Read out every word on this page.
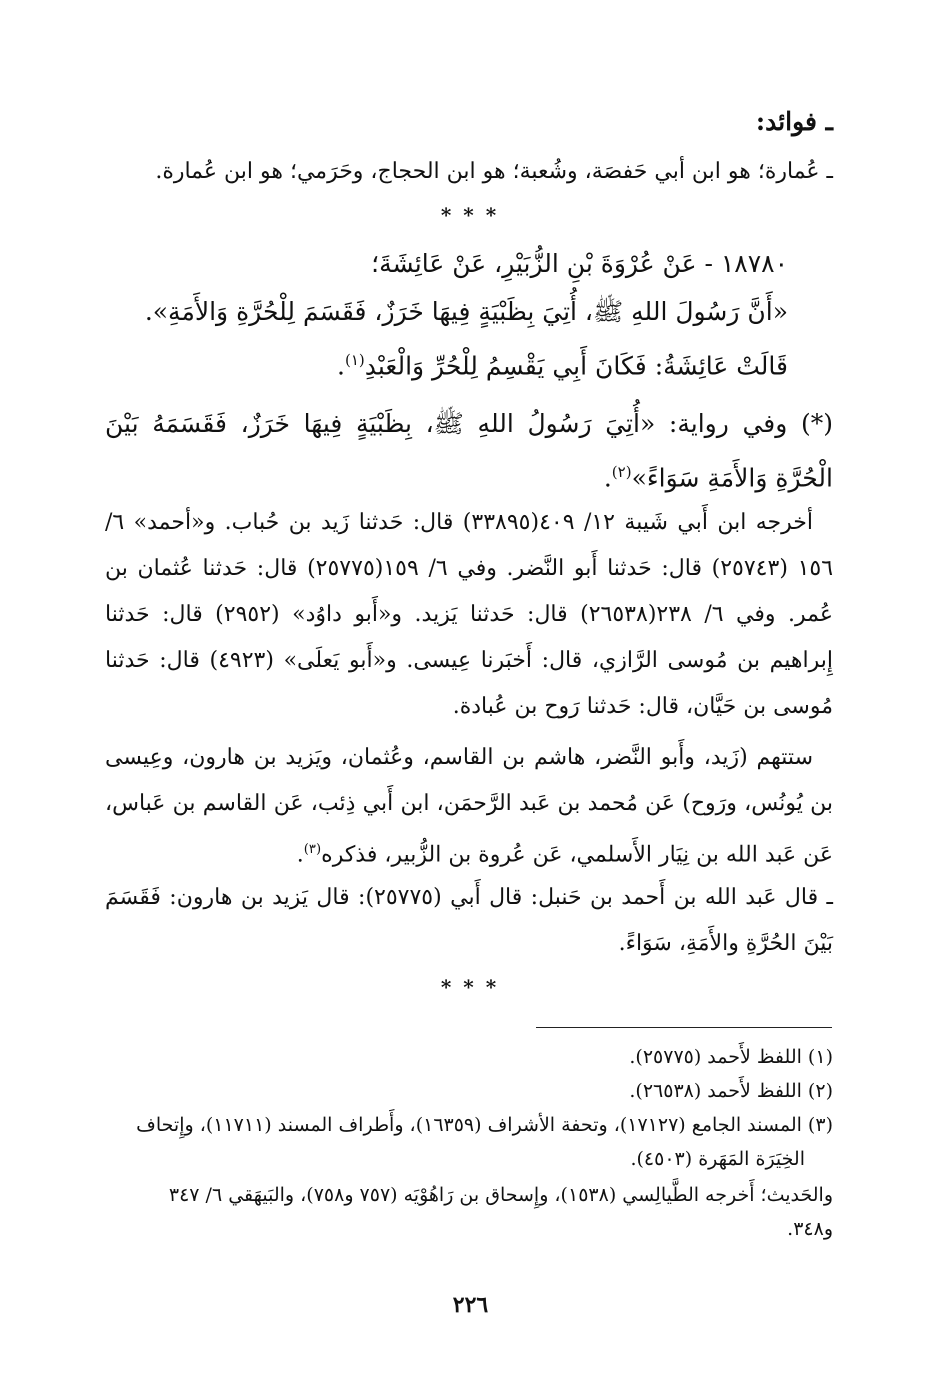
ـ فوائد:
ـ عُمارة؛ هو ابن أبي حَفصَة، وشُعبة؛ هو ابن الحجاج، وحَرَمي؛ هو ابن عُمارة.
* * *
١٨٧٨٠ - عَنْ عُرْوَةَ بْنِ الزُّبَيْرِ، عَنْ عَائِشَةَ؛
«أَنَّ رَسُولَ اللهِ ﷺ، أُتِيَ بِظَبْيَةٍ فِيهَا خَرَزٌ، فَقَسَمَ لِلْحُرَّةِ وَالأَمَةِ».
قَالَتْ عَائِشَةُ: فَكَانَ أَبِي يَقْسِمُ لِلْحُرِّ وَالْعَبْدِ$^{(١)}$.
(*) وفي رواية: «أُتِيَ رَسُولُ اللهِ ﷺ، بِظَبْيَةٍ فِيهَا خَرَزٌ، فَقَسَمَهُ بَيْنَ الْحُرَّةِ وَالأَمَةِ سَوَاءً»$^{(٢)}$.
أخرجه ابن أَبي شَيبة ١٢/ ٤٠٩(٣٣٨٩٥) قال: حَدثنا زَيد بن حُباب. و«أحمد» ٦/ ١٥٦ (٢٥٧٤٣) قال: حَدثنا أَبو النَّضر. وفي ٦/ ١٥٩(٢٥٧٧٥) قال: حَدثنا عُثمان بن عُمر. وفي ٦/ ٢٣٨(٢٦٥٣٨) قال: حَدثنا يَزيد. و«أَبو داوُد» (٢٩٥٢) قال: حَدثنا إِبراهيم بن مُوسى الرَّازي، قال: أَخبَرنا عِيسى. و«أَبو يَعلَى» (٤٩٢٣) قال: حَدثنا مُوسى بن حَيَّان، قال: حَدثنا رَوح بن عُبادة.
ستتهم (زَيد، وأَبو النَّضر، هاشم بن القاسم، وعُثمان، ويَزيد بن هارون، وعِيسى بن يُونُس، ورَوح) عَن مُحمد بن عَبد الرَّحمَن، ابن أَبي ذِئب، عَن القاسم بن عَباس، عَن عَبد الله بن نِيَار الأَسلمي، عَن عُروة بن الزُّبير، فذكره$^{(٣)}$.
ـ قال عَبد الله بن أَحمد بن حَنبل: قال أَبي (٢٥٧٧٥): قال يَزيد بن هارون: فَقَسَمَ بَيْنَ الحُرَّةِ والأَمَةِ، سَوَاءً.
* * *
(١) اللفظ لأَحمد (٢٥٧٧٥).
(٢) اللفظ لأَحمد (٢٦٥٣٨).
(٣) المسند الجامع (١٧١٢٧)، وتحفة الأشراف (١٦٣٥٩)، وأَطراف المسند (١١٧١١)، وإِتحاف
الخِيَرَة المَهَرة (٤٥٠٣).
والحَديث؛ أَخرجه الطَّيالِسي (١٥٣٨)، وإِسحاق بن رَاهُوْيَه (٧٥٧ و٧٥٨)، والبَيهَقي ٦/ ٣٤٧
و٣٤٨.
٢٢٦
